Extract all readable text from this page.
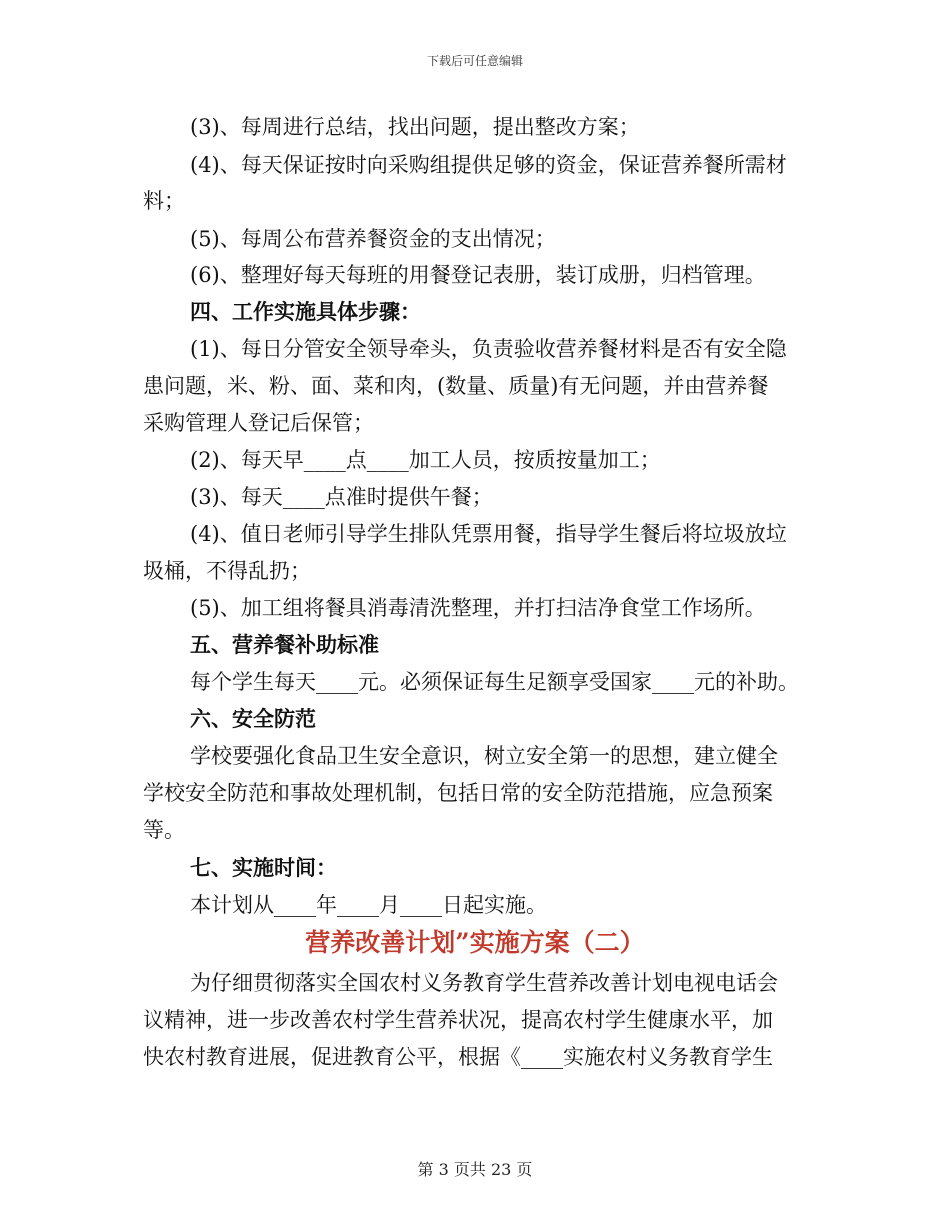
下载后可任意编辑
(3)、每周进行总结，找出问题，提出整改方案；
(4)、每天保证按时向采购组提供足够的资金，保证营养餐所需材
料；
(5)、每周公布营养餐资金的支出情况；
(6)、整理好每天每班的用餐登记表册，装订成册，归档管理。
四、工作实施具体步骤：
(1)、每日分管安全领导牵头，负责验收营养餐材料是否有安全隐
患问题，米、粉、面、菜和肉，(数量、质量)有无问题，并由营养餐
采购管理人登记后保管；
(2)、每天早____点____加工人员，按质按量加工；
(3)、每天____点准时提供午餐；
(4)、值日老师引导学生排队凭票用餐，指导学生餐后将垃圾放垃
圾桶，不得乱扔；
(5)、加工组将餐具消毒清洗整理，并打扫洁净食堂工作场所。
五、营养餐补助标准
每个学生每天____元。必须保证每生足额享受国家____元的补助。
六、安全防范
学校要强化食品卫生安全意识，树立安全第一的思想，建立健全
学校安全防范和事故处理机制，包括日常的安全防范措施，应急预案
等。
七、实施时间：
本计划从____年____月____日起实施。
营养改善计划”实施方案（二）
为仔细贯彻落实全国农村义务教育学生营养改善计划电视电话会
议精神，进一步改善农村学生营养状况，提高农村学生健康水平，加
快农村教育进展，促进教育公平，根据《____实施农村义务教育学生
第 3 页共 23 页
